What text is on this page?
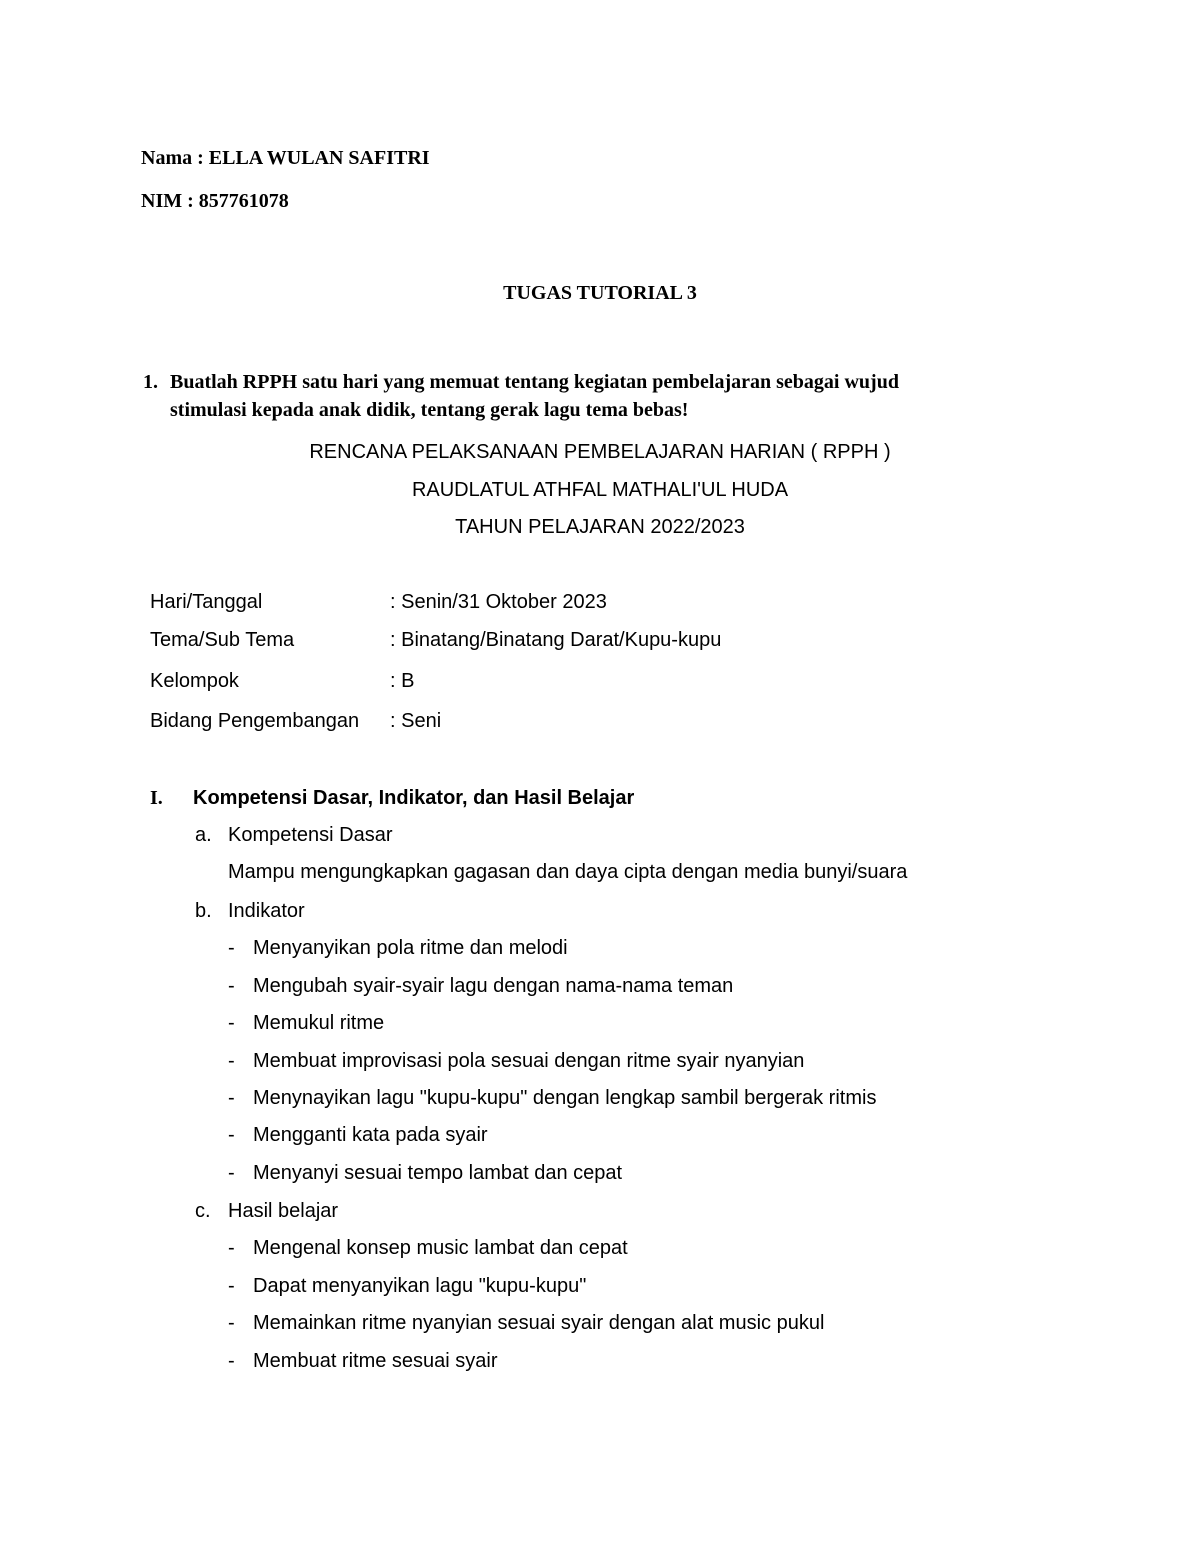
Nama : ELLA WULAN SAFITRI
NIM : 857761078
TUGAS TUTORIAL 3
1. Buatlah RPPH satu hari yang memuat tentang kegiatan pembelajaran sebagai wujud
stimulasi kepada anak didik, tentang gerak lagu tema bebas!
RENCANA PELAKSANAAN PEMBELAJARAN HARIAN ( RPPH )
RAUDLATUL ATHFAL MATHALI'UL HUDA
TAHUN PELAJARAN 2022/2023
Hari/Tanggal	: Senin/31 Oktober 2023
Tema/Sub Tema	: Binatang/Binatang Darat/Kupu-kupu
Kelompok	: B
Bidang Pengembangan : Seni
I. Kompetensi Dasar, Indikator, dan Hasil Belajar
a. Kompetensi Dasar
Mampu mengungkapkan gagasan dan daya cipta dengan media bunyi/suara
b. Indikator
- Menyanyikan pola ritme dan melodi
- Mengubah syair-syair lagu dengan nama-nama teman
- Memukul ritme
- Membuat improvisasi pola sesuai dengan ritme syair nyanyian
- Menynayikan lagu "kupu-kupu" dengan lengkap sambil bergerak ritmis
- Mengganti kata pada syair
- Menyanyi sesuai tempo lambat dan cepat
c. Hasil belajar
- Mengenal konsep music lambat dan cepat
- Dapat menyanyikan lagu "kupu-kupu"
- Memainkan ritme nyanyian sesuai syair dengan alat music pukul
- Membuat ritme sesuai syair
